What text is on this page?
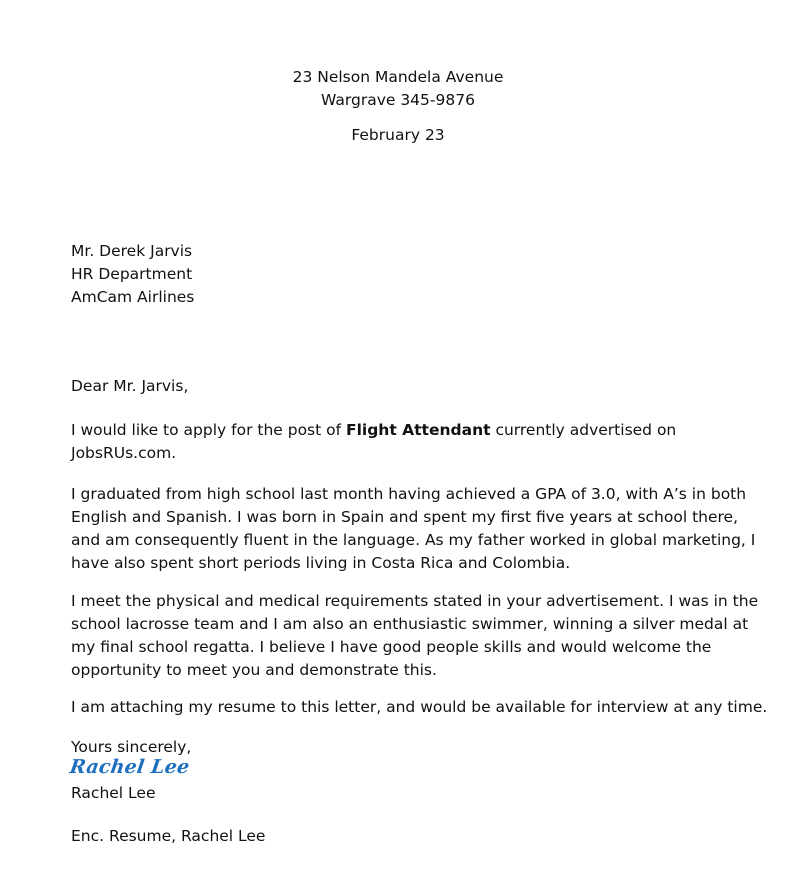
23 Nelson Mandela Avenue
Wargrave 345-9876
February 23
Mr. Derek Jarvis
HR Department
AmCam Airlines
Dear Mr. Jarvis,
I would like to apply for the post of Flight Attendant currently advertised on
JobsRUs.com.
I graduated from high school last month having achieved a GPA of 3.0, with A’s in both
English and Spanish. I was born in Spain and spent my first five years at school there,
and am consequently fluent in the language. As my father worked in global marketing, I
have also spent short periods living in Costa Rica and Colombia.
I meet the physical and medical requirements stated in your advertisement. I was in the
school lacrosse team and I am also an enthusiastic swimmer, winning a silver medal at
my final school regatta. I believe I have good people skills and would welcome the
opportunity to meet you and demonstrate this.
I am attaching my resume to this letter, and would be available for interview at any time.
Yours sincerely,
Rachel Lee
Rachel Lee
Enc. Resume, Rachel Lee
